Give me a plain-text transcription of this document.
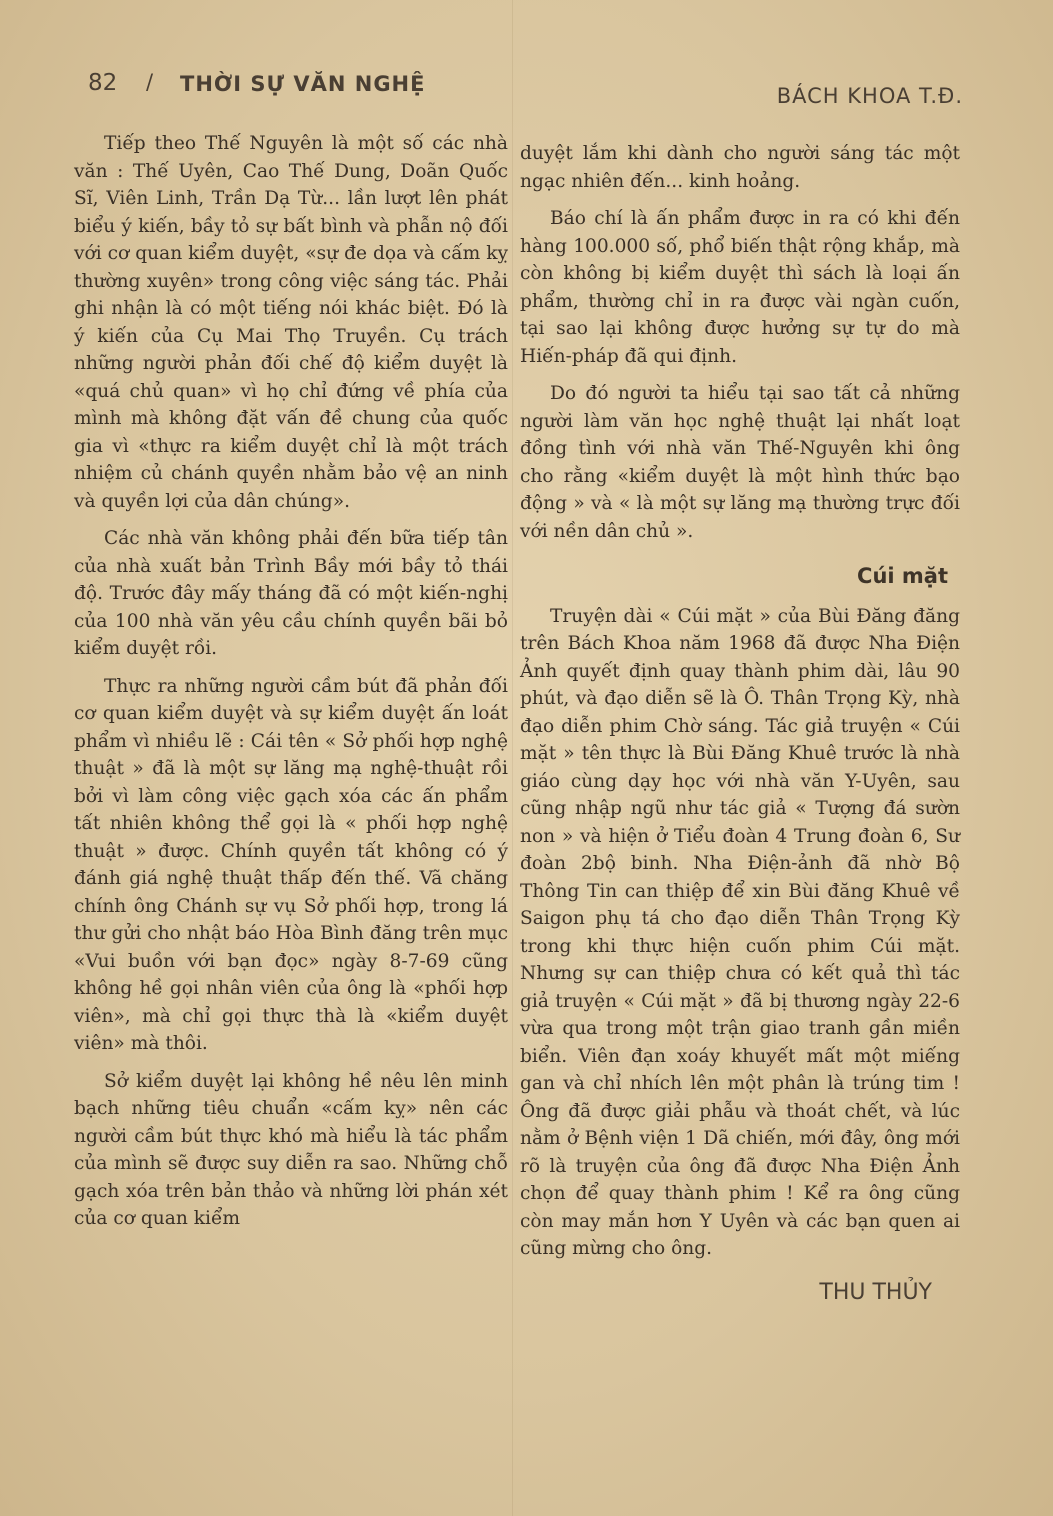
82 / THỜI SỰ VĂN NGHỆ	BÁCH KHOA T.Đ.

Tiếp theo Thế Nguyên là một số các nhà văn : Thế Uyên, Cao Thế Dung, Doãn Quốc Sĩ, Viên Linh, Trần Dạ Từ... lần lượt lên phát biểu ý kiến, bầy tỏ sự bất bình và phẫn nộ đối với cơ quan kiểm duyệt, «sự đe dọa và cấm kỵ thường xuyên» trong công việc sáng tác. Phải ghi nhận là có một tiếng nói khác biệt. Đó là ý kiến của Cụ Mai Thọ Truyền. Cụ trách những người phản đối chế độ kiểm duyệt là «quá chủ quan» vì họ chỉ đứng về phía của mình mà không đặt vấn đề chung của quốc gia vì «thực ra kiểm duyệt chỉ là một trách nhiệm củ chánh quyền nhằm bảo vệ an ninh và quyền lợi của dân chúng».

Các nhà văn không phải đến bữa tiếp tân của nhà xuất bản Trình Bầy mới bầy tỏ thái độ. Trước đây mấy tháng đã có một kiến-nghị của 100 nhà văn yêu cầu chính quyền bãi bỏ kiểm duyệt rồi.

Thực ra những người cầm bút đã phản đối cơ quan kiểm duyệt và sự kiểm duyệt ấn loát phẩm vì nhiều lẽ : Cái tên « Sở phối hợp nghệ thuật » đã là một sự lăng mạ nghệ-thuật rồi bởi vì làm công việc gạch xóa các ấn phẩm tất nhiên không thể gọi là « phối hợp nghệ thuật » được. Chính quyền tất không có ý đánh giá nghệ thuật thấp đến thế. Vã chăng chính ông Chánh sự vụ Sở phối hợp, trong lá thư gửi cho nhật báo Hòa Bình đăng trên mục «Vui buồn với bạn đọc» ngày 8-7-69 cũng không hề gọi nhân viên của ông là «phối hợp viên», mà chỉ gọi thực thà là «kiểm duyệt viên» mà thôi.

Sở kiểm duyệt lại không hề nêu lên minh bạch những tiêu chuẩn «cấm kỵ» nên các người cầm bút thực khó mà hiểu là tác phẩm của mình sẽ được suy diễn ra sao. Những chỗ gạch xóa trên bản thảo và những lời phán xét của cơ quan kiểm

duyệt lắm khi dành cho người sáng tác một ngạc nhiên đến... kinh hoảng.

Báo chí là ấn phẩm được in ra có khi đến hàng 100.000 số, phổ biến thật rộng khắp, mà còn không bị kiểm duyệt thì sách là loại ấn phẩm, thường chỉ in ra được vài ngàn cuốn, tại sao lại không được hưởng sự tự do mà Hiến-pháp đã qui định.

Do đó người ta hiểu tại sao tất cả những người làm văn học nghệ thuật lại nhất loạt đồng tình với nhà văn Thế-Nguyên khi ông cho rằng «kiểm duyệt là một hình thức bạo động » và « là một sự lăng mạ thường trực đối với nền dân chủ ».

Cúi mặt

Truyện dài « Cúi mặt » của Bùi Đăng đăng trên Bách Khoa năm 1968 đã được Nha Điện Ảnh quyết định quay thành phim dài, lâu 90 phút, và đạo diễn sẽ là Ô. Thân Trọng Kỳ, nhà đạo diễn phim Chờ sáng. Tác giả truyện « Cúi mặt » tên thực là Bùi Đăng Khuê trước là nhà giáo cùng dạy học với nhà văn Y-Uyên, sau cũng nhập ngũ như tác giả « Tượng đá sườn non » và hiện ở Tiểu đoàn 4 Trung đoàn 6, Sư đoàn 2bộ binh. Nha Điện-ảnh đã nhờ Bộ Thông Tin can thiệp để xin Bùi đăng Khuê về Saigon phụ tá cho đạo diễn Thân Trọng Kỳ trong khi thực hiện cuốn phim Cúi mặt. Nhưng sự can thiệp chưa có kết quả thì tác giả truyện « Cúi mặt » đã bị thương ngày 22-6 vừa qua trong một trận giao tranh gần miền biển. Viên đạn xoáy khuyết mất một miếng gan và chỉ nhích lên một phân là trúng tim ! Ông đã được giải phẫu và thoát chết, và lúc nằm ở Bệnh viện 1 Dã chiến, mới đây, ông mới rõ là truyện của ông đã được Nha Điện Ảnh chọn để quay thành phim ! Kể ra ông cũng còn may mắn hơn Y Uyên và các bạn quen ai cũng mừng cho ông.

THU THỦY
